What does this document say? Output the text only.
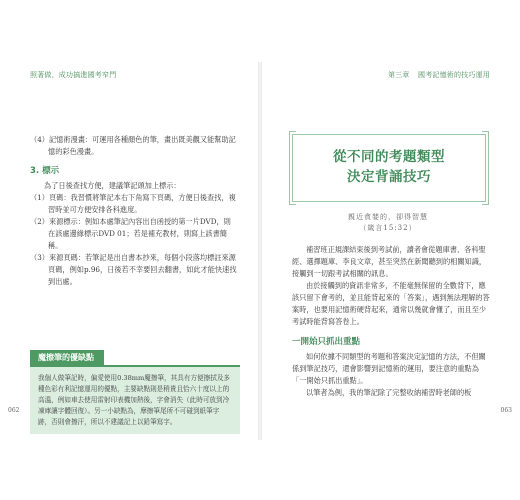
照著做，成功搞進國考窄門
（4）記憶術漫畫：可運用各種顏色的筆，畫出既美觀又能幫助記憶的彩色漫畫。
3. 標示

為了日後查找方便，建議筆記頭加上標示：

（1）頁碼：我習慣將筆記本右下角寫下頁碼，方便日後查找，複習時並可方便安排各科進度。
（2）來源標示：例如本處筆記內容出自函授的第一片DVD，則在該處邊緣標示DVD 01；若是補充教材，則寫上該書簡稱。
（3）來源頁碼：若筆記是出自書本抄來，每個小段落均標註來源頁碼，例如p.96，日後若不幸要回去翻書，如此才能快速找到出處。
魔擦筆的優缺點

我個人做筆記時，偏愛使用0.38mm魔擦筆，其具有方便擦拭及多種色彩有利記憶運用的優點，主要缺點則是稍貴且恰六十度以上的高溫，例如車去使用雷射印表機加熱後，字會消失（此時可放到冷凍庫讓字體回復）。另一小缺點為，摩擦筆尾所不可碰到紙筆字跡，否則會擦汗，所以不建議記上以鉛筆寫字。

062
第三章 國考記憶術的技巧運用
從不同的考題類型
決定背誦技巧

親近貪婪的，卻得智慧

（箴言15:32）

補習班正規課結束後到考試前，讀者會從題庫書、各科聖經、選擇題庫、李良文章，甚至突然在新聞聽到的相關知識，接觸到一切跟考試相關的訊息。

由於接觸到的資訊非常多，不能毫無保留的全數背下，應該只留下會考的，並且能背起來的「答案」，遇到無法理解的答案時，也要用記憶術硬背起來，通常以幾就會懂了，而且至少考試時能背寫答卷上。

一開始只抓出重點

如何依據不同類型的考題和答案決定記憶的方法，不但關係到筆記技巧，還會影響到記憶術的運用，要注意的重點為「一開始只抓出重點」。

以筆者為例，我的筆記除了完整收納補習時老師的板

063
